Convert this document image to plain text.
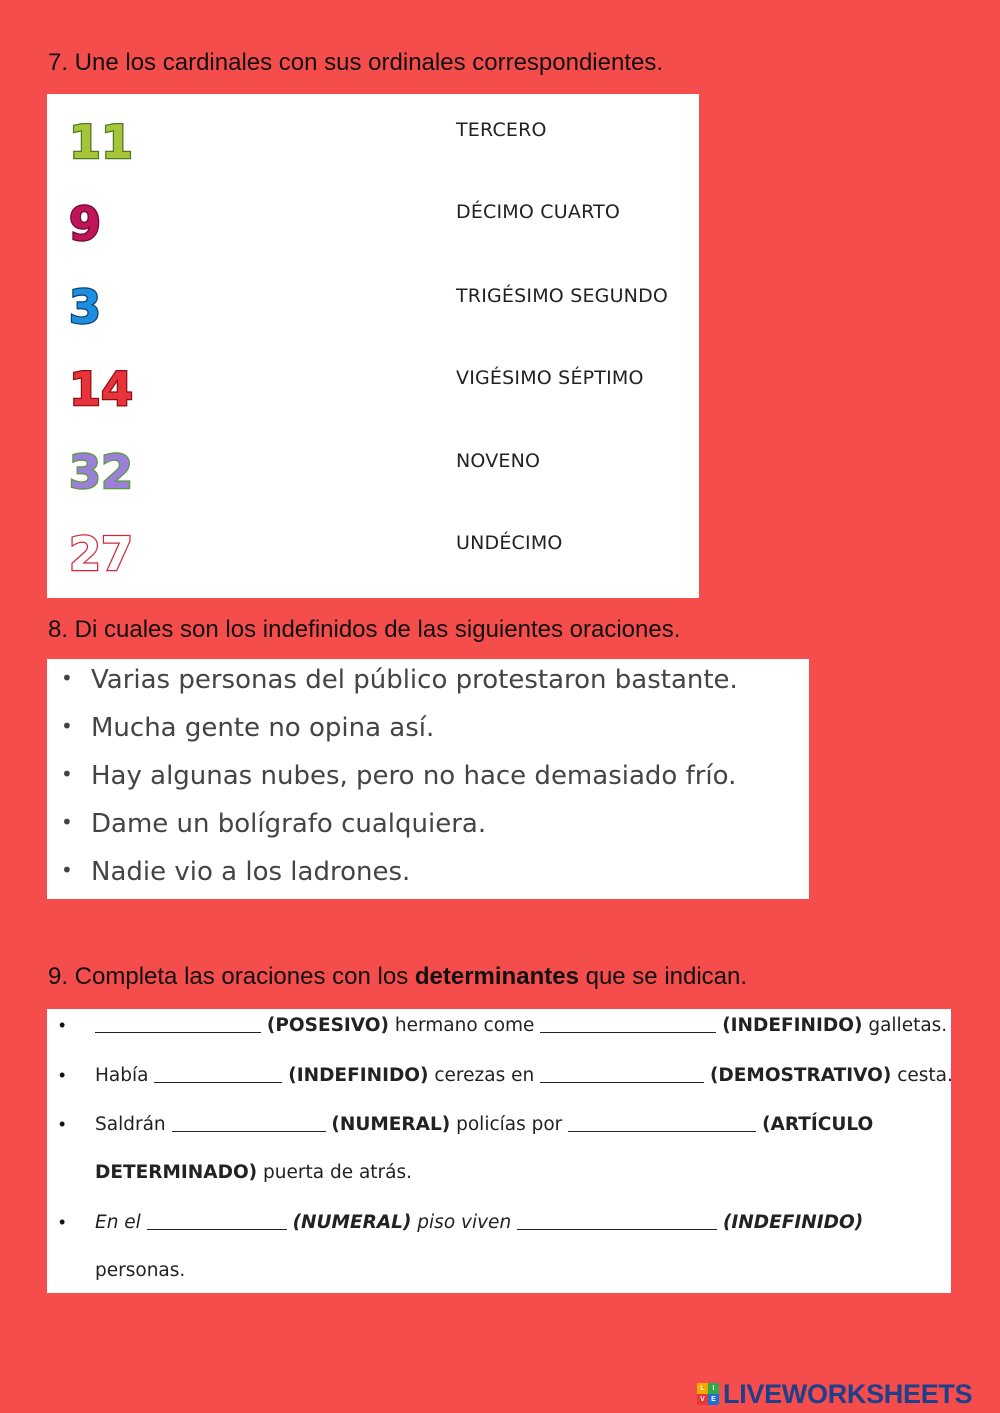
7. Une los cardinales con sus ordinales correspondientes.
11	TERCERO
9	DÉCIMO CUARTO
3	TRIGÉSIMO SEGUNDO
14	VIGÉSIMO SÉPTIMO
32	NOVENO
27	UNDÉCIMO
8. Di cuales son los indefinidos de las siguientes oraciones.
• Varias personas del público protestaron bastante.
• Mucha gente no opina así.
• Hay algunas nubes, pero no hace demasiado frío.
• Dame un bolígrafo cualquiera.
• Nadie vio a los ladrones.
9. Completa las oraciones con los determinantes que se indican.
•	(POSESIVO) hermano come	(INDEFINIDO) galletas.
• Había	(INDEFINIDO) cerezas en	(DEMOSTRATIVO) cesta.
• Saldrán	(NUMERAL) policías por	(ARTÍCULO
DETERMINADO) puerta de atrás.
• En el	(NUMERAL) piso viven	(INDEFINIDO)
personas.
L	I
V E LIVEWORKSHEETS
